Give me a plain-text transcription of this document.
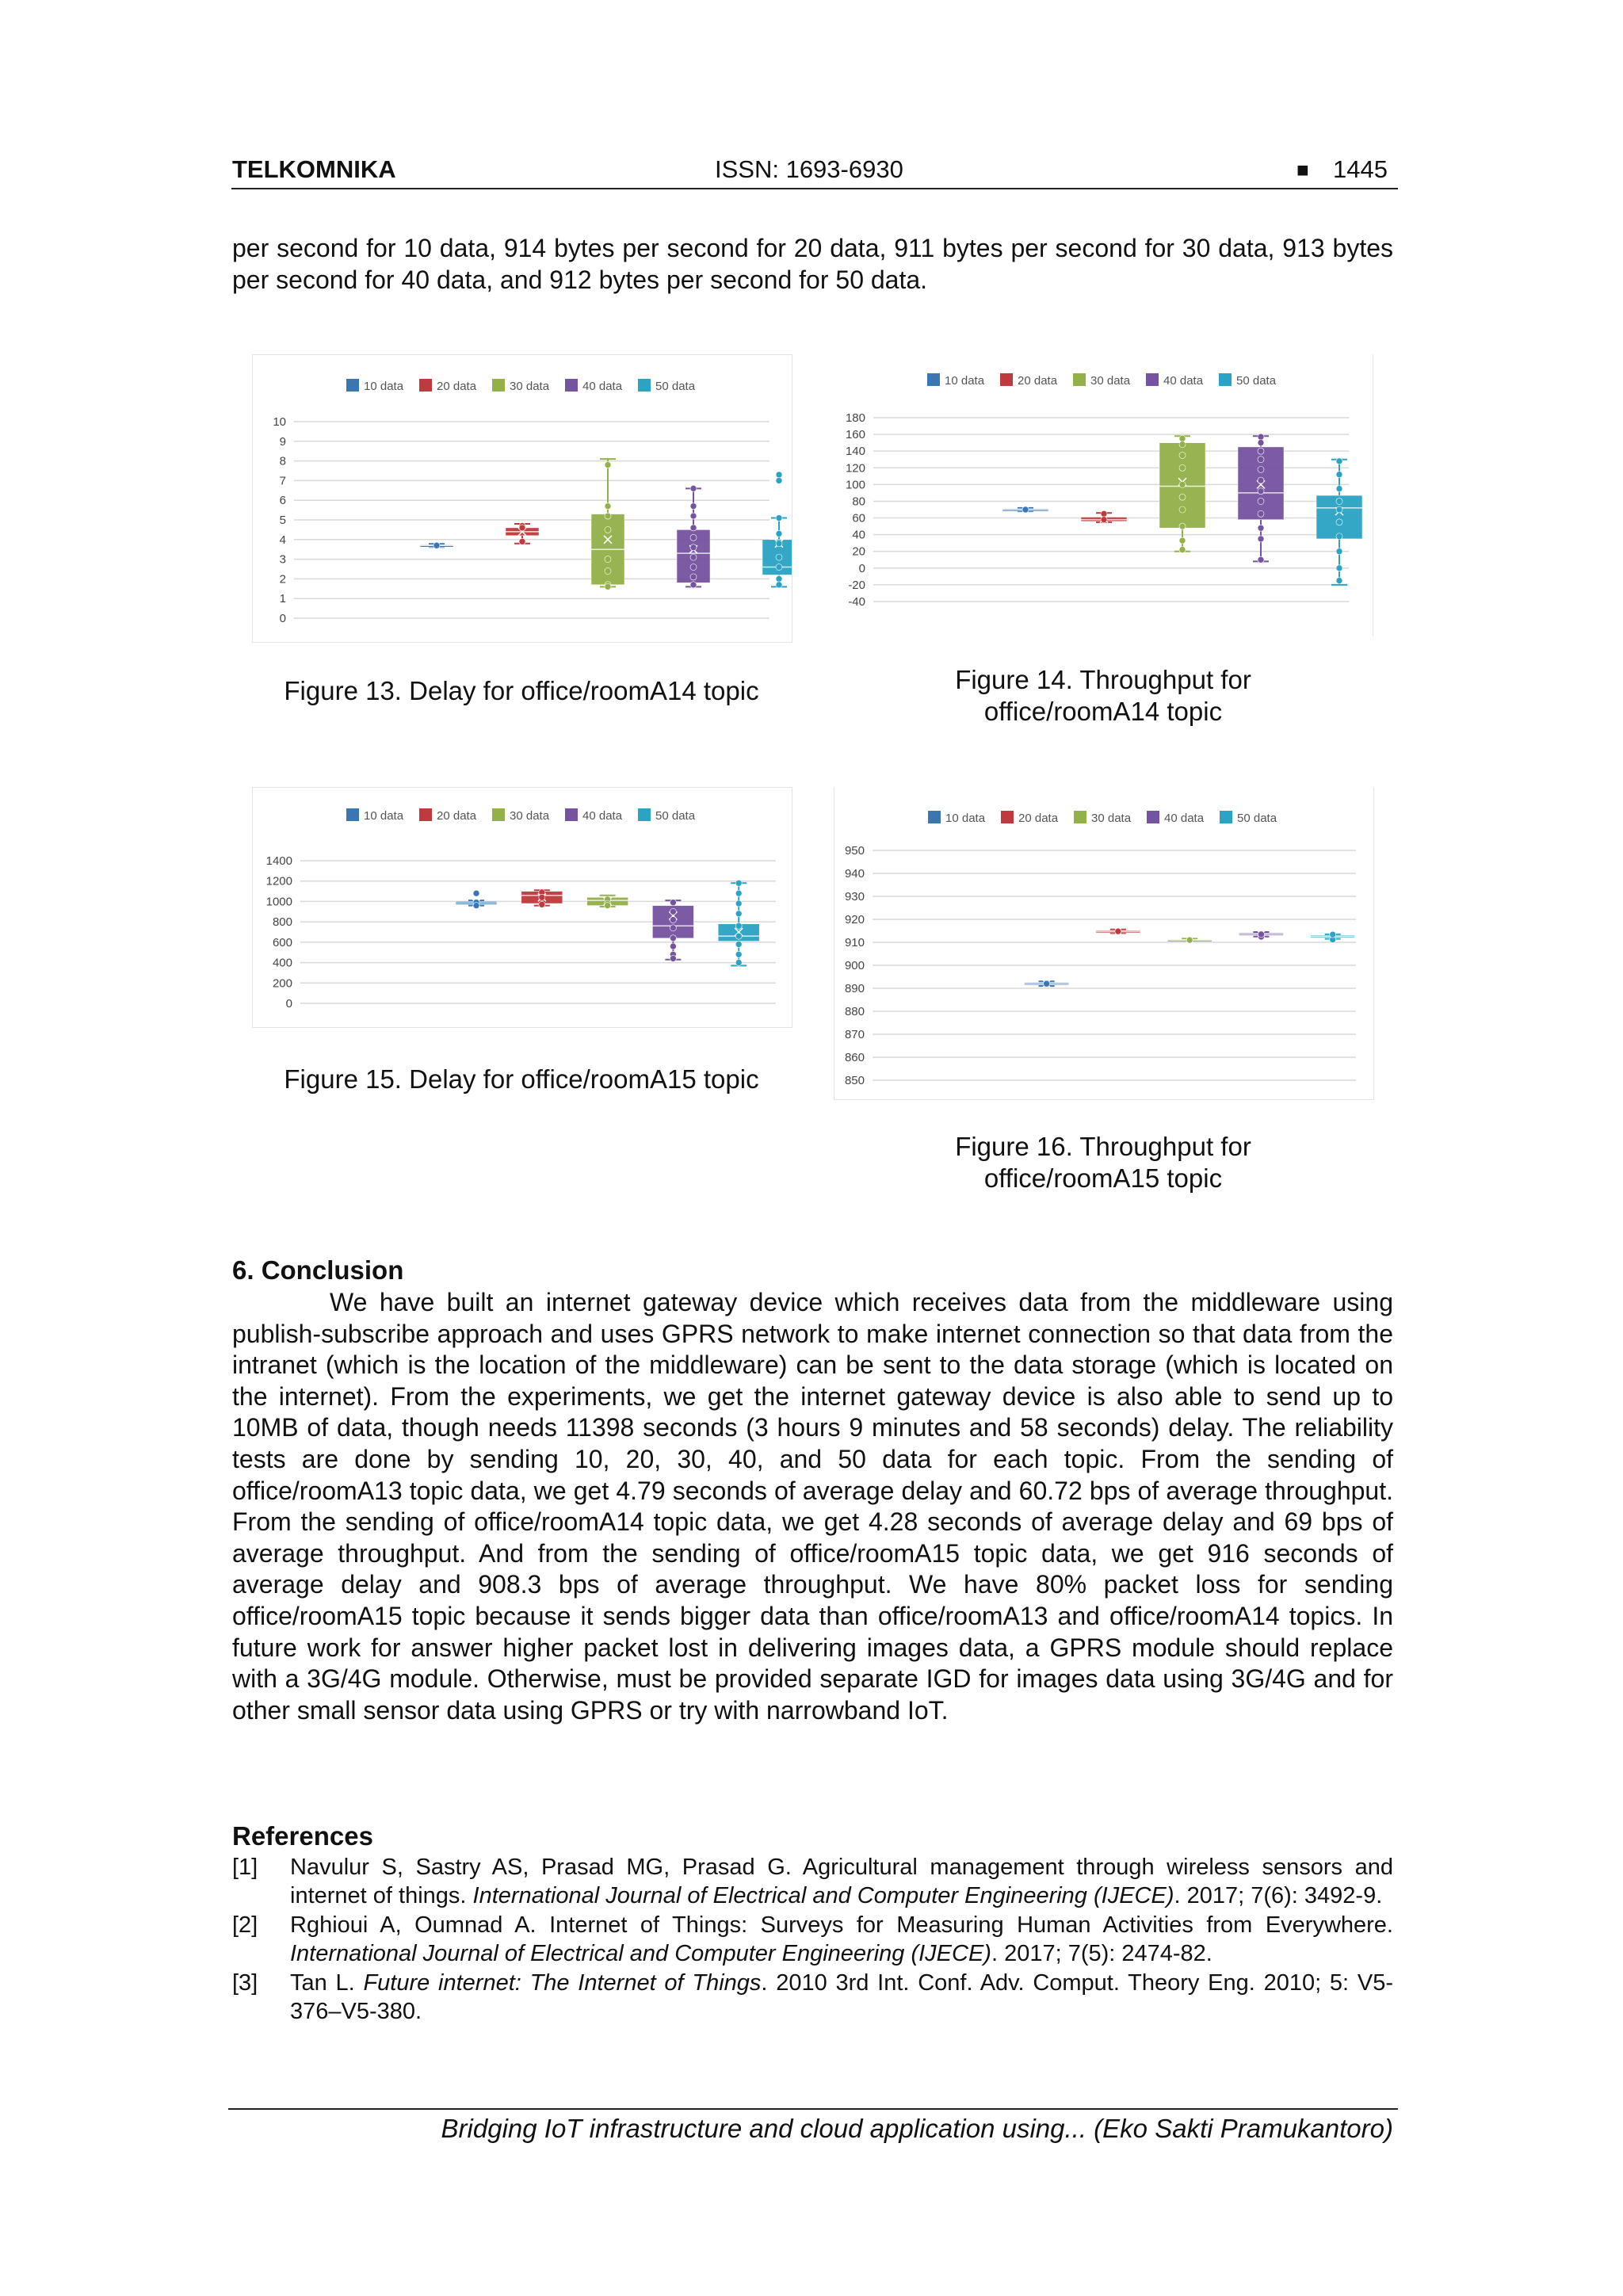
TELKOMNIKA	ISSN: 1693-6930	■ 1445

per second for 10 data, 914 bytes per second for 20 data, 911 bytes per second for 30 data, 913 bytes per second for 40 data, and 912 bytes per second for 50 data.

10 data	20 data	30 data	40 data	50 data
0
1
2
3
4
5
6
7
8
9
10
10 data	20 data	30 data	40 data	50 data
-40
-20
0
20
40
60
80
100
120
140
160
180
10 data	20 data	30 data	40 data	50 data
0
200
400
600
800
1000
1200
1400
10 data	20 data	30 data	40 data	50 data
850
860
870
880
890
900
910
920
930
940
950
Figure 13. Delay for office/roomA14 topic	Figure 14. Throughput for
office/roomA14 topic
Figure 15. Delay for office/roomA15 topic
Figure 16. Throughput for
office/roomA15 topic
6. Conclusion

We have built an internet gateway device which receives data from the middleware using publish-subscribe approach and uses GPRS network to make internet connection so that data from the intranet (which is the location of the middleware) can be sent to the data storage (which is located on the internet). From the experiments, we get the internet gateway device is also able to send up to 10MB of data, though needs 11398 seconds (3 hours 9 minutes and 58 seconds) delay. The reliability tests are done by sending 10, 20, 30, 40, and 50 data for each topic. From the sending of office/roomA13 topic data, we get 4.79 seconds of average delay and 60.72 bps of average throughput. From the sending of office/roomA14 topic data, we get 4.28 seconds of average delay and 69 bps of average throughput. And from the sending of office/roomA15 topic data, we get 916 seconds of average delay and 908.3 bps of average throughput. We have 80% packet loss for sending office/roomA15 topic because it sends bigger data than office/roomA13 and office/roomA14 topics. In future work for answer higher packet lost in delivering images data, a GPRS module should replace with a 3G/4G module. Otherwise, must be provided separate IGD for images data using 3G/4G and for other small sensor data using GPRS or try with narrowband IoT.

References
[1]	Navulur S, Sastry AS, Prasad MG, Prasad G. Agricultural management through wireless sensors and internet of things. International Journal of Electrical and Computer Engineering (IJECE). 2017; 7(6): 3492-9.
[2]	Rghioui A, Oumnad A. Internet of Things: Surveys for Measuring Human Activities from Everywhere. International Journal of Electrical and Computer Engineering (IJECE). 2017; 7(5): 2474-82.
[3]	Tan L. Future internet: The Internet of Things. 2010 3rd Int. Conf. Adv. Comput. Theory Eng. 2010; 5: V5-376–V5-380.
Bridging IoT infrastructure and cloud application using... (Eko Sakti Pramukantoro)
